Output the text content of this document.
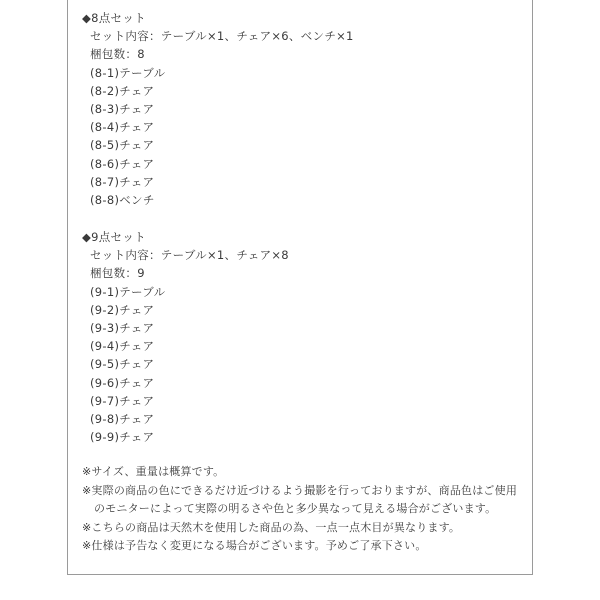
◆8点セット
セット内容：テーブル×1、チェア×6、ベンチ×1
梱包数：8
(8-1)テーブル
(8-2)チェア
(8-3)チェア
(8-4)チェア
(8-5)チェア
(8-6)チェア
(8-7)チェア
(8-8)ベンチ
◆9点セット
セット内容：テーブル×1、チェア×8
梱包数：9
(9-1)テーブル
(9-2)チェア
(9-3)チェア
(9-4)チェア
(9-5)チェア
(9-6)チェア
(9-7)チェア
(9-8)チェア
(9-9)チェア
※サイズ、重量は概算です。
※実際の商品の色にできるだけ近づけるよう撮影を行っておりますが、商品色はご使用
のモニターによって実際の明るさや色と多少異なって見える場合がございます。
※こちらの商品は天然木を使用した商品の為、一点一点木目が異なります。
※仕様は予告なく変更になる場合がございます。予めご了承下さい。
